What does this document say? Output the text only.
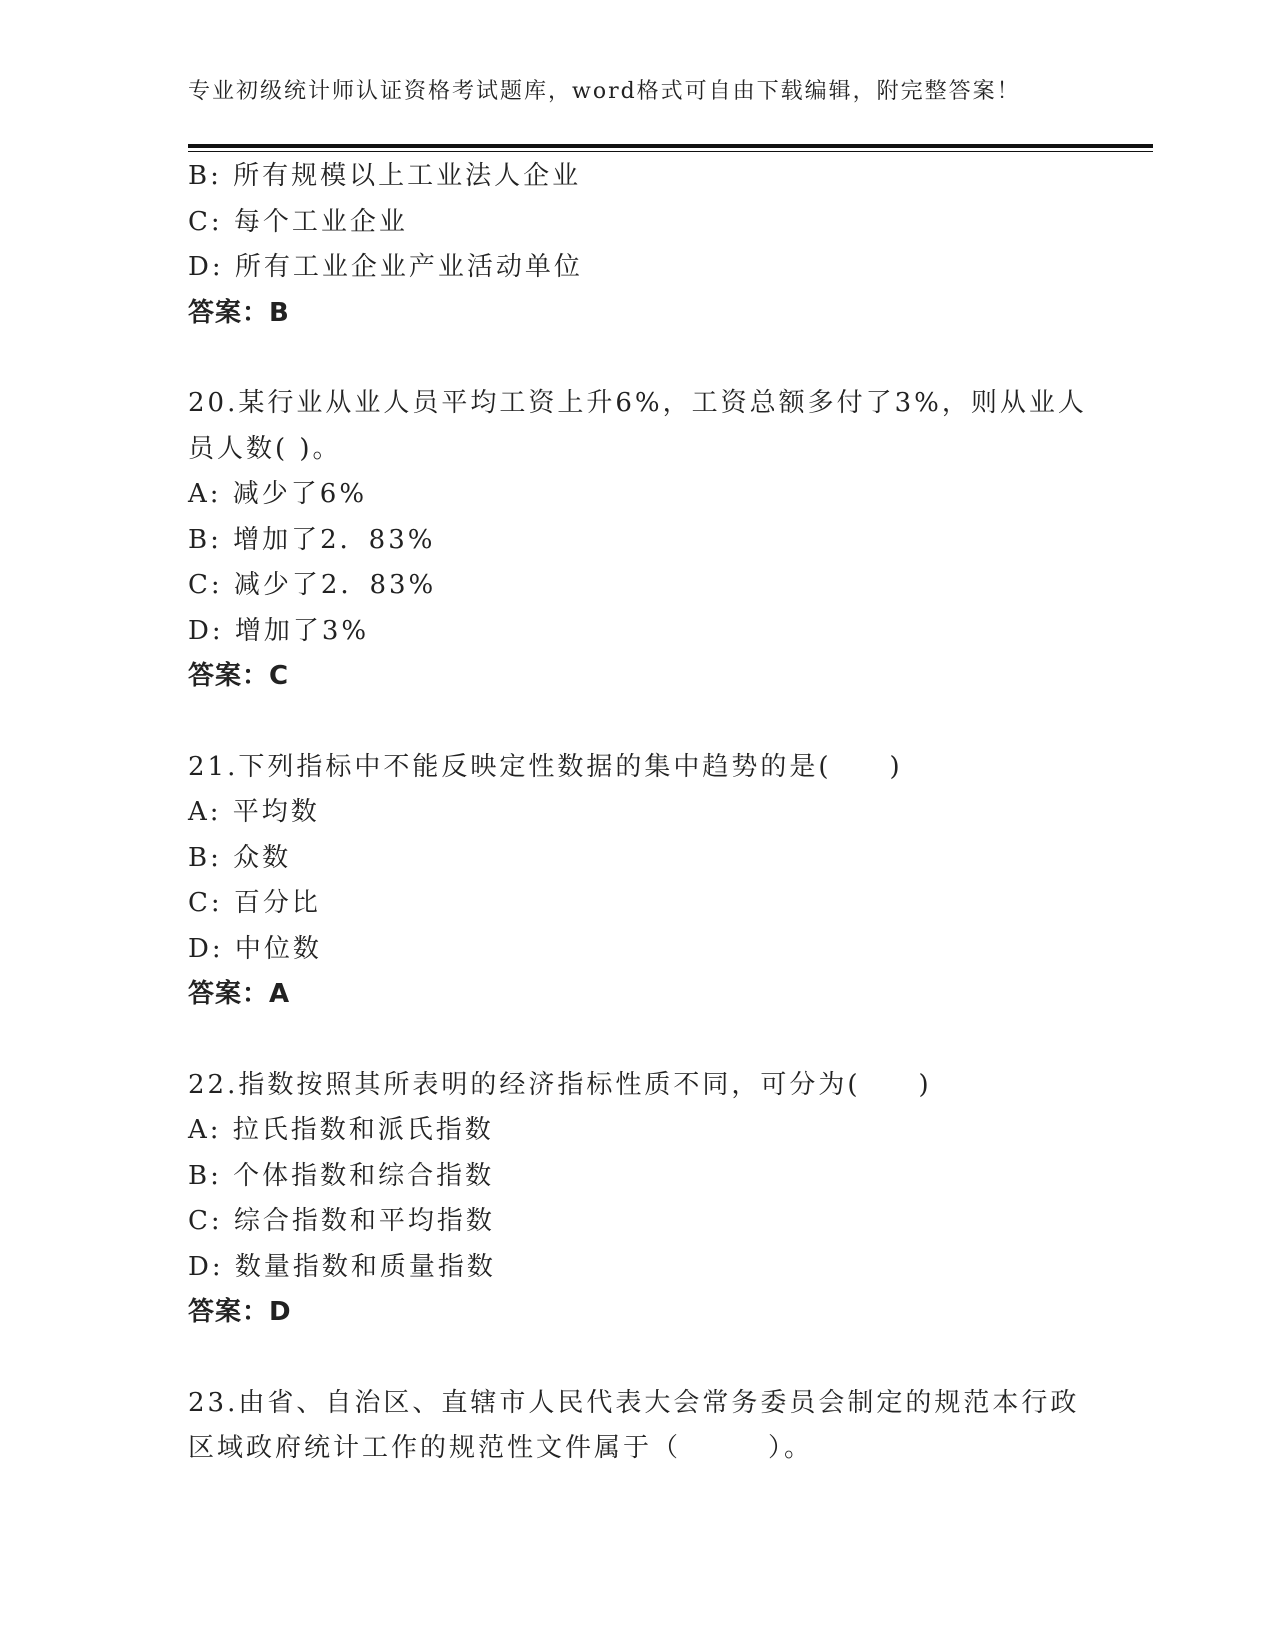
专业初级统计师认证资格考试题库，word格式可自由下载编辑，附完整答案！
B: 所有规模以上工业法人企业
C: 每个工业企业
D: 所有工业企业产业活动单位
答案：B
20.某行业从业人员平均工资上升6%，工资总额多付了3%，则从业人
员人数( )。
A: 减少了6%
B: 增加了2．83%
C: 减少了2．83%
D: 增加了3%
答案：C
21.下列指标中不能反映定性数据的集中趋势的是(　　)
A: 平均数
B: 众数
C: 百分比
D: 中位数
答案：A
22.指数按照其所表明的经济指标性质不同，可分为(　　)
A: 拉氏指数和派氏指数
B: 个体指数和综合指数
C: 综合指数和平均指数
D: 数量指数和质量指数
答案：D
23.由省、自治区、直辖市人民代表大会常务委员会制定的规范本行政
区域政府统计工作的规范性文件属于（　　　）。
